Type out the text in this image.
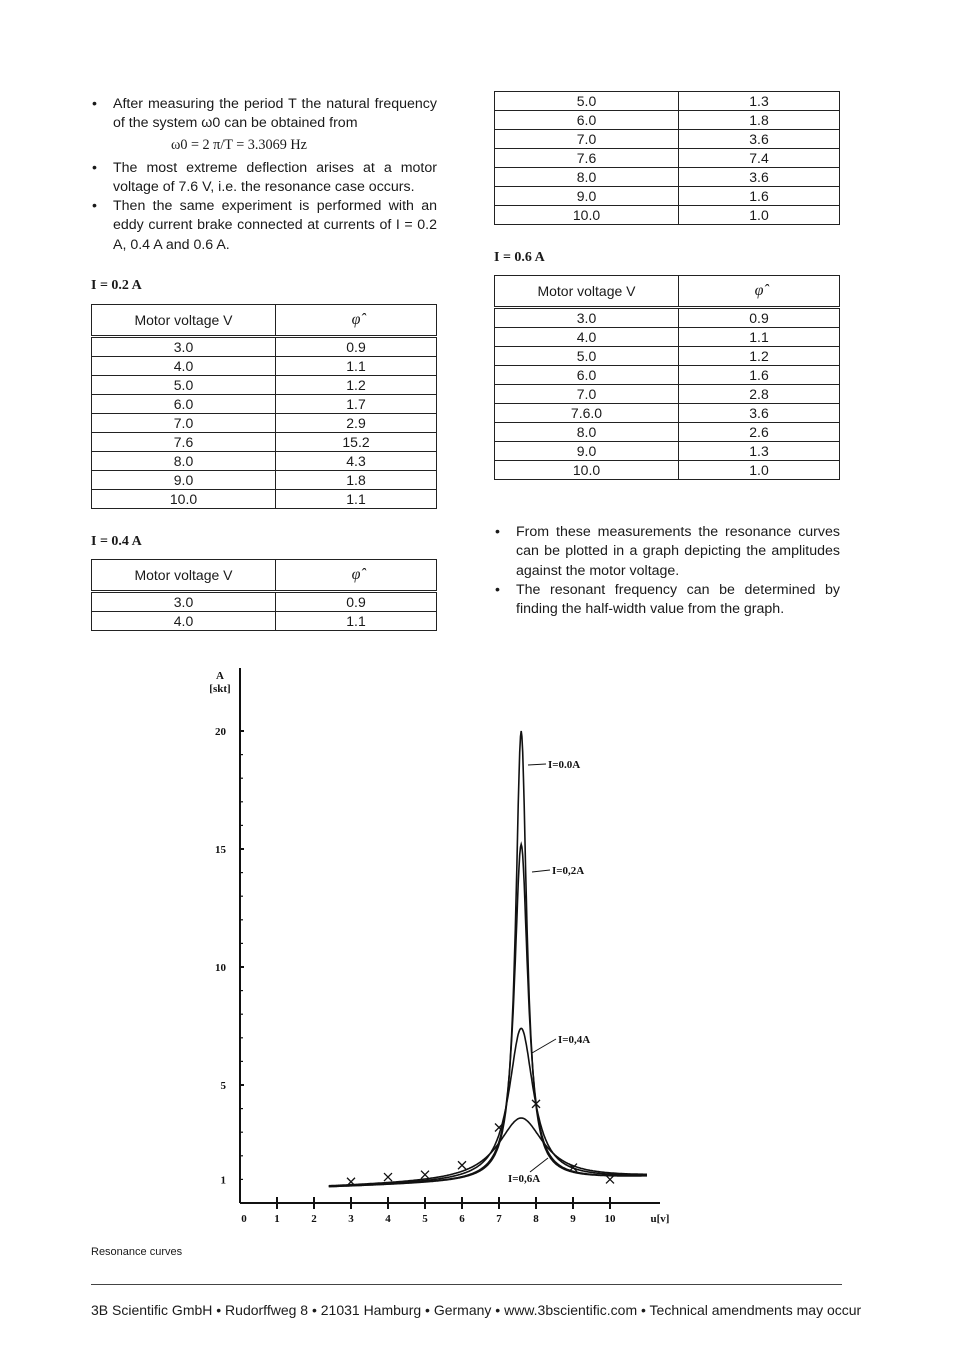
• After measuring the period T the natural frequency of the system ω0 can be obtained from
ω0 = 2 π/T = 3.3069 Hz
• The most extreme deflection arises at a motor voltage of 7.6 V, i.e. the resonance case occurs.
• Then the same experiment is performed with an eddy current brake connected at currents of I = 0.2 A, 0.4 A and 0.6 A.
I = 0.2 A
Motor voltage V	φ̂
3.0	0.9
4.0	1.1
5.0	1.2
6.0	1.7
7.0	2.9
7.6	15.2
8.0	4.3
9.0	1.8
10.0	1.1
I = 0.4 A
Motor voltage V	φ̂
3.0	0.9
4.0	1.1
5.0	1.3
6.0	1.8
7.0	3.6
7.6	7.4
8.0	3.6
9.0	1.6
10.0	1.0
I = 0.6 A
Motor voltage V	φ̂
3.0	0.9
4.0	1.1
5.0	1.2
6.0	1.6
7.0	2.8
7.6.0	3.6
8.0	2.6
9.0	1.3
10.0	1.0
• From these measurements the resonance curves can be plotted in a graph depicting the amplitudes against the motor voltage.
• The resonant frequency can be determined by finding the half-width value from the graph.
0	1	2	3	4	5	6	7	8	9	10
1
5
10
15
20
A
[skt]
u[v]
I=0.0A
I=0,2A
I=0,4A
I=0,6A
Resonance curves
3B Scientific GmbH • Rudorffweg 8 • 21031 Hamburg • Germany • www.3bscientific.com • Technical amendments may occur
